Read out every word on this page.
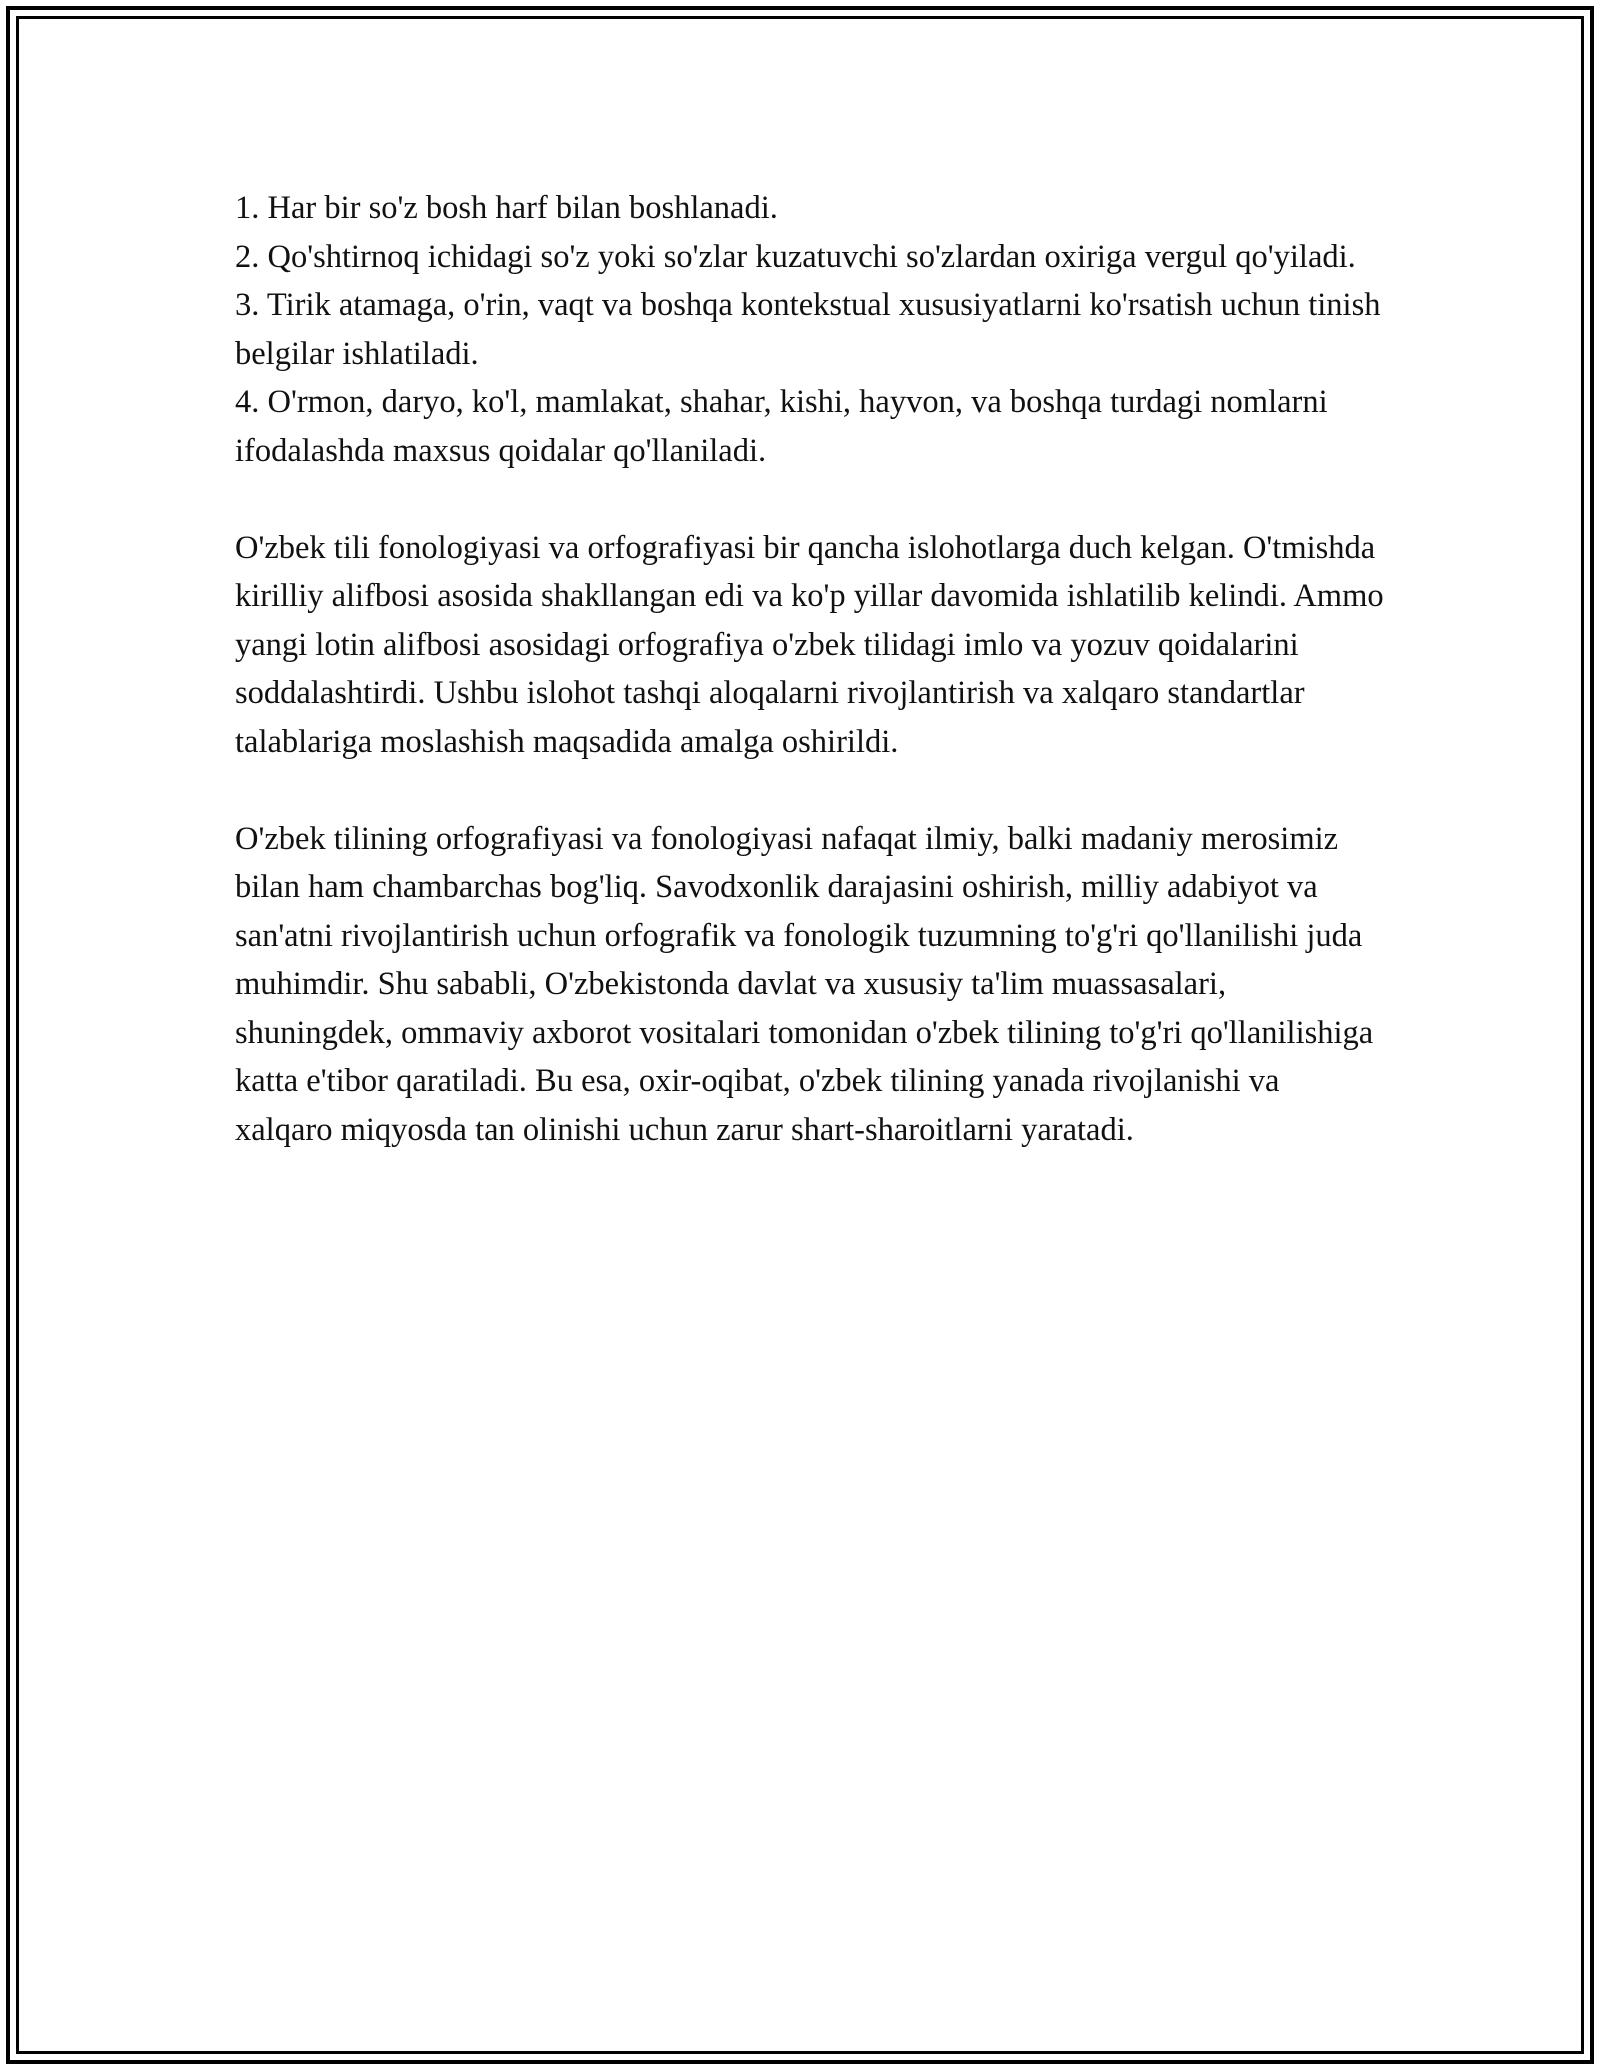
1. Har bir so'z bosh harf bilan boshlanadi.

2. Qo'shtirnoq ichidagi so'z yoki so'zlar kuzatuvchi so'zlardan oxiriga vergul qo'yiladi.

3. Tirik atamaga, o'rin, vaqt va boshqa kontekstual xususiyatlarni ko'rsatish uchun tinish belgilar ishlatiladi.

4. O'rmon, daryo, ko'l, mamlakat, shahar, kishi, hayvon, va boshqa turdagi nomlarni ifodalashda maxsus qoidalar qo'llaniladi.

O'zbek tili fonologiyasi va orfografiyasi bir qancha islohotlarga duch kelgan. O'tmishda kirilliy alifbosi asosida shakllangan edi va ko'p yillar davomida ishlatilib kelindi. Ammo yangi lotin alifbosi asosidagi orfografiya o'zbek tilidagi imlo va yozuv qoidalarini soddalashtirdi. Ushbu islohot tashqi aloqalarni rivojlantirish va xalqaro standartlar talablariga moslashish maqsadida amalga oshirildi.

O'zbek tilining orfografiyasi va fonologiyasi nafaqat ilmiy, balki madaniy merosimiz bilan ham chambarchas bog'liq. Savodxonlik darajasini oshirish, milliy adabiyot va san'atni rivojlantirish uchun orfografik va fonologik tuzumning to'g'ri qo'llanilishi juda muhimdir. Shu sababli, O'zbekistonda davlat va xususiy ta'lim muassasalari, shuningdek, ommaviy axborot vositalari tomonidan o'zbek tilining to'g'ri qo'llanilishiga katta e'tibor qaratiladi. Bu esa, oxir-oqibat, o'zbek tilining yanada rivojlanishi va xalqaro miqyosda tan olinishi uchun zarur shart-sharoitlarni yaratadi.
